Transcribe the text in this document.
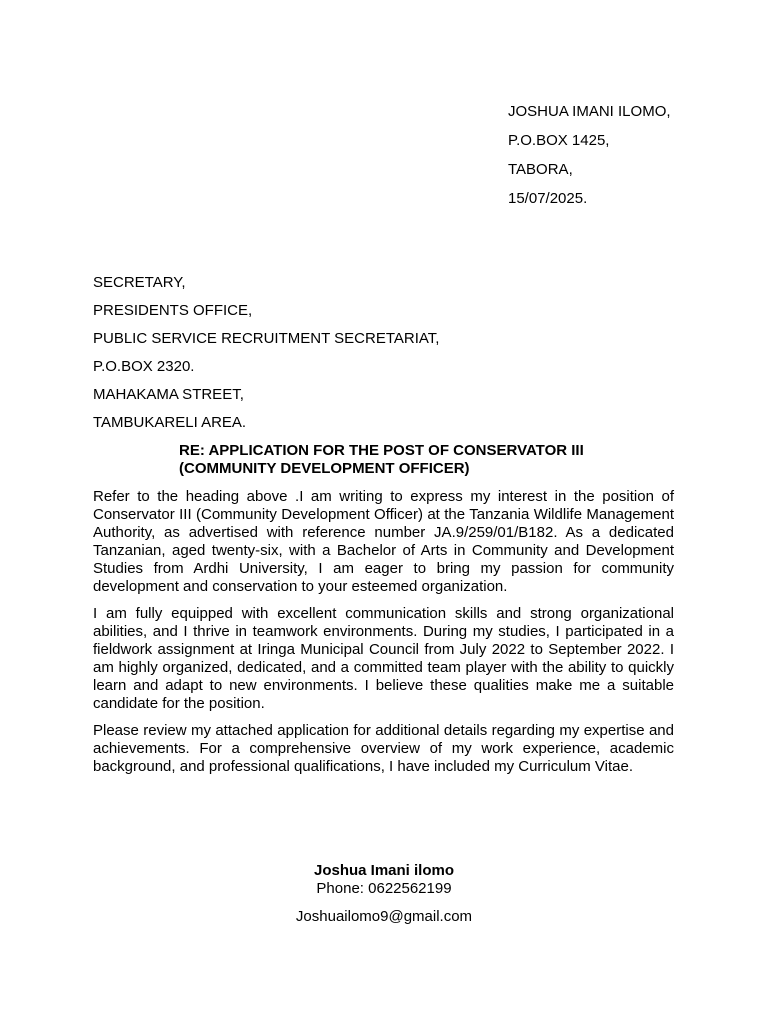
JOSHUA IMANI ILOMO,
P.O.BOX 1425,
TABORA,
15/07/2025.
SECRETARY,
PRESIDENTS OFFICE,
PUBLIC SERVICE RECRUITMENT SECRETARIAT,
P.O.BOX 2320.
MAHAKAMA STREET,
TAMBUKARELI AREA.
RE: APPLICATION FOR THE POST OF CONSERVATOR III
(COMMUNITY DEVELOPMENT OFFICER)

Refer to the heading above .I am writing to express my interest in the position of Conservator III (Community Development Officer) at the Tanzania Wildlife Management Authority, as advertised with reference number JA.9/259/01/B182. As a dedicated Tanzanian, aged twenty-six, with a Bachelor of Arts in Community and Development Studies from Ardhi University, I am eager to bring my passion for community development and conservation to your esteemed organization.

I am fully equipped with excellent communication skills and strong organizational abilities, and I thrive in teamwork environments. During my studies, I participated in a fieldwork assignment at Iringa Municipal Council from July 2022 to September 2022. I am highly organized, dedicated, and a committed team player with the ability to quickly learn and adapt to new environments. I believe these qualities make me a suitable candidate for the position.

Please review my attached application for additional details regarding my expertise and achievements. For a comprehensive overview of my work experience, academic background, and professional qualifications, I have included my Curriculum Vitae.

Joshua Imani ilomo
Phone: 0622562199
Joshuailomo9@gmail.com
